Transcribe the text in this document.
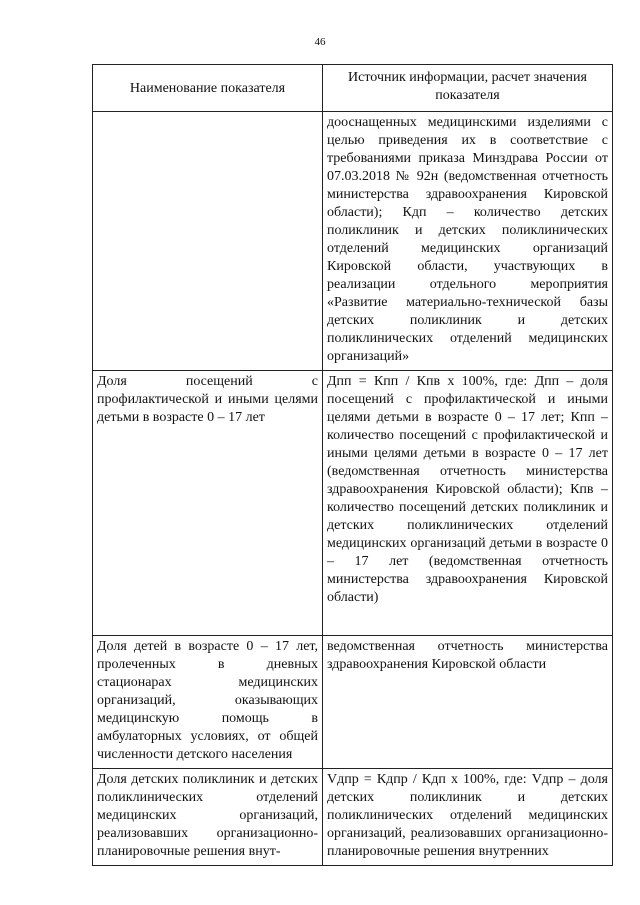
46
Наименование показателя	Источник информации, расчет значения показателя
	дооснащенных медицинскими изделиями с целью приведения их в соответствие с требованиями приказа Минздрава России от 07.03.2018 № 92н (ведомственная отчетность министерства здравоохранения Кировской области); Кдп – количество детских поликлиник и детских поликлинических отделений медицинских организаций Кировской области, участвующих в реализации отдельного мероприятия «Развитие материально-технической базы детских поликлиник и детских поликлинических отделений медицинских организаций»
Доля посещений с профилактической и иными целями детьми в возрасте 0 – 17 лет	Дпп = Кпп / Кпв х 100%, где: Дпп – доля посещений с профилактической и иными целями детьми в возрасте 0 – 17 лет; Кпп – количество посещений с профилактической и иными целями детьми в возрасте 0 – 17 лет (ведомственная отчетность министерства здравоохранения Кировской области); Кпв – количество посещений детских поликлиник и детских поликлинических отделений медицинских организаций детьми в возрасте 0 – 17 лет (ведомственная отчетность министерства здравоохранения Кировской области)
Доля детей в возрасте 0 – 17 лет, пролеченных в дневных стационарах медицинских организаций, оказывающих медицинскую помощь в амбулаторных условиях, от общей численности детского населения	ведомственная отчетность министерства здравоохранения Кировской области
Доля детских поликлиник и детских поликлинических отделений медицинских организаций, реализовавших организационно-планировочные решения внут-	Vдпр = Кдпр / Кдп х 100%, где: Vдпр – доля детских поликлиник и детских поликлинических отделений медицинских организаций, реализовавших организационно-планировочные решения внутренних
